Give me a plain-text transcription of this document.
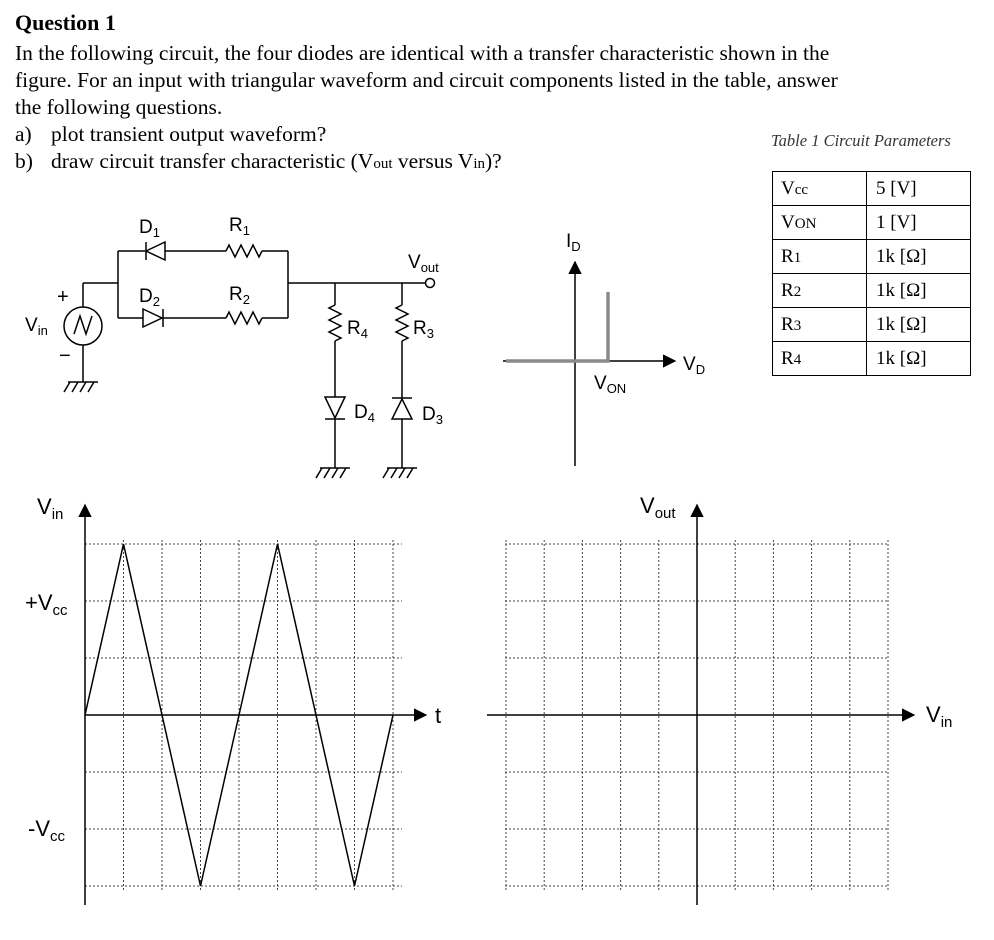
Question 1
In the following circuit, the four diodes are identical with a transfer characteristic shown in the
figure. For an input with triangular waveform and circuit components listed in the table, answer
the following questions.
a) plot transient output waveform?
b) draw circuit transfer characteristic (Vout versus Vin)?
Table 1 Circuit Parameters
Vcc	5 [V]
VON	1 [V]
R1	1k [Ω]
R2	1k [Ω]
R3	1k [Ω]
R4	1k [Ω]
$D_1$	$R_1$
$D_2$	$R_2$
$V_{out}$
$V_{in}$
+
−
$R_4$ $R_3$
$D_4$ $D_3$
$I_D$
$V_D$
$V_{ON}$
$V_{in}$
$+V_{cc}$
$-V_{cc}$
t
$V_{out}$
$V_{in}$
